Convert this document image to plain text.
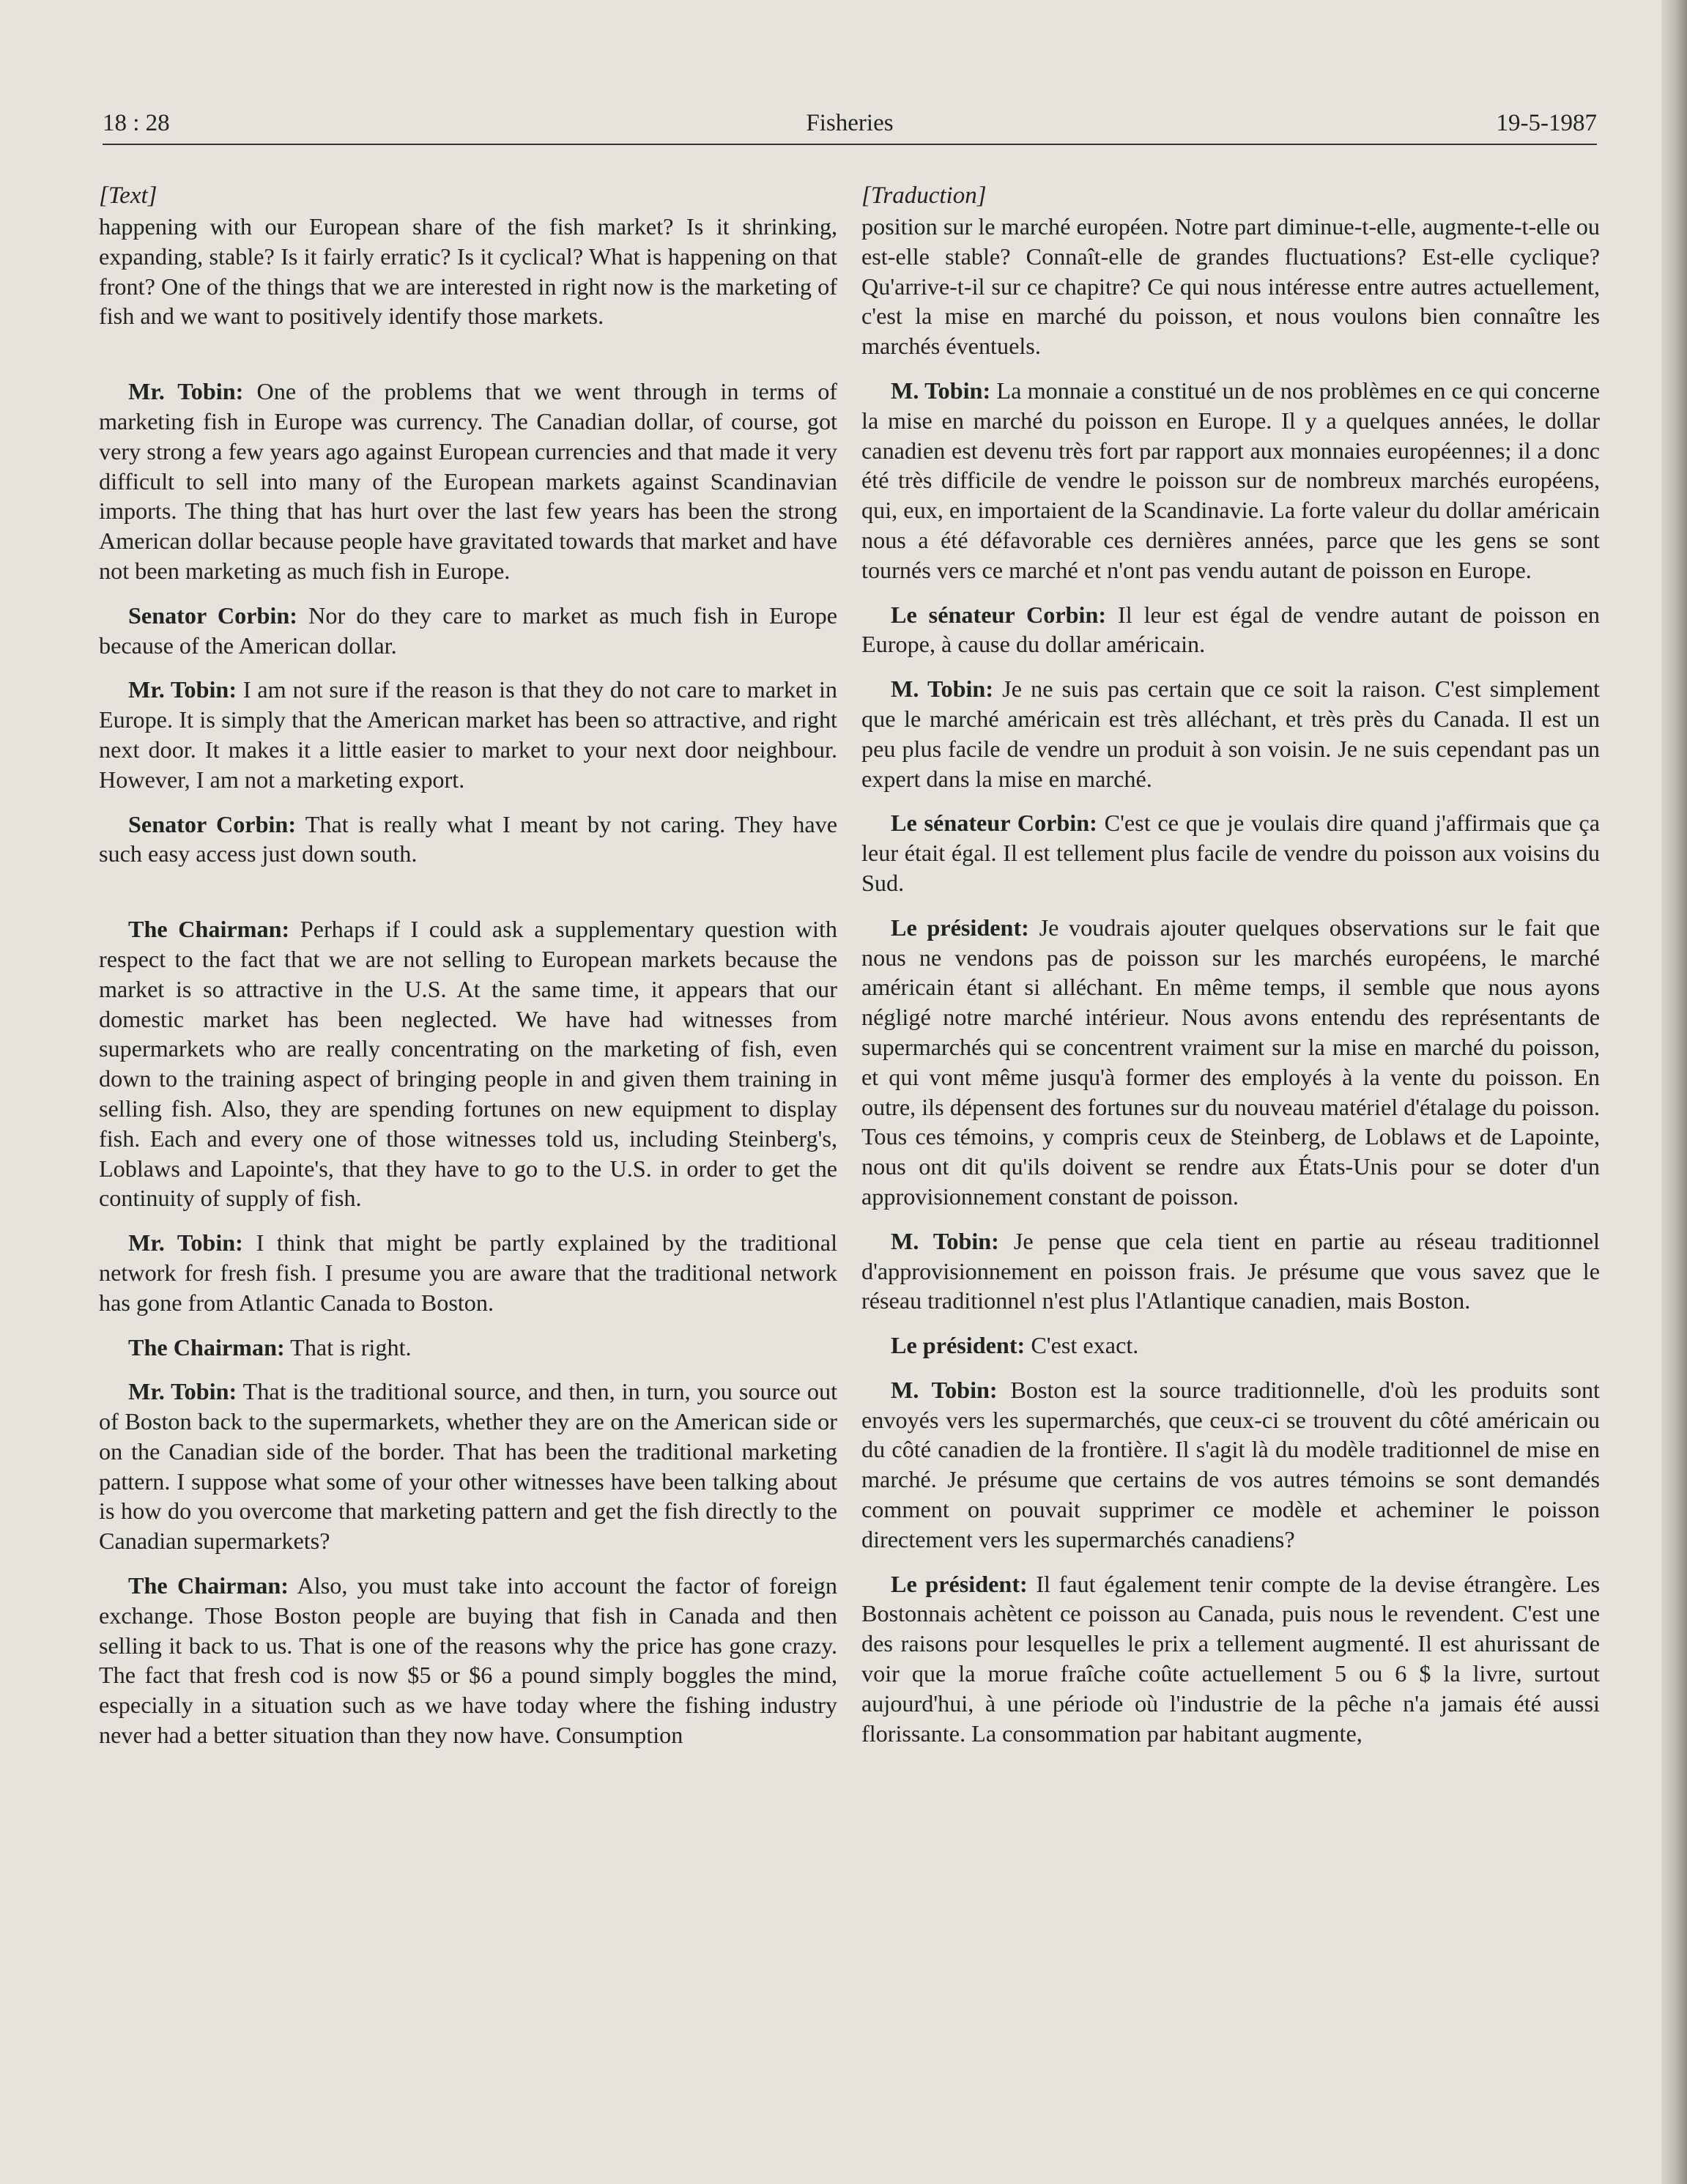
18 : 28	Fisheries	19-5-1987
[Text]

happening with our European share of the fish market? Is it shrinking, expanding, stable? Is it fairly erratic? Is it cyclical? What is happening on that front? One of the things that we are interested in right now is the marketing of fish and we want to positively identify those markets.

Mr. Tobin: One of the problems that we went through in terms of marketing fish in Europe was currency. The Canadian dollar, of course, got very strong a few years ago against European currencies and that made it very difficult to sell into many of the European markets against Scandinavian imports. The thing that has hurt over the last few years has been the strong American dollar because people have gravitated towards that market and have not been marketing as much fish in Europe.

Senator Corbin: Nor do they care to market as much fish in Europe because of the American dollar.

Mr. Tobin: I am not sure if the reason is that they do not care to market in Europe. It is simply that the American market has been so attractive, and right next door. It makes it a little easier to market to your next door neighbour. However, I am not a marketing export.

Senator Corbin: That is really what I meant by not caring. They have such easy access just down south.

The Chairman: Perhaps if I could ask a supplementary question with respect to the fact that we are not selling to European markets because the market is so attractive in the U.S. At the same time, it appears that our domestic market has been neglected. We have had witnesses from supermarkets who are really concentrating on the marketing of fish, even down to the training aspect of bringing people in and given them training in selling fish. Also, they are spending fortunes on new equipment to display fish. Each and every one of those witnesses told us, including Steinberg's, Loblaws and Lapointe's, that they have to go to the U.S. in order to get the continuity of supply of fish.

Mr. Tobin: I think that might be partly explained by the traditional network for fresh fish. I presume you are aware that the traditional network has gone from Atlantic Canada to Boston.

The Chairman: That is right.

Mr. Tobin: That is the traditional source, and then, in turn, you source out of Boston back to the supermarkets, whether they are on the American side or on the Canadian side of the border. That has been the traditional marketing pattern. I suppose what some of your other witnesses have been talking about is how do you overcome that marketing pattern and get the fish directly to the Canadian supermarkets?

The Chairman: Also, you must take into account the factor of foreign exchange. Those Boston people are buying that fish in Canada and then selling it back to us. That is one of the reasons why the price has gone crazy. The fact that fresh cod is now $5 or $6 a pound simply boggles the mind, especially in a situation such as we have today where the fishing industry never had a better situation than they now have. Consumption

[Traduction]

position sur le marché européen. Notre part diminue-t-elle, augmente-t-elle ou est-elle stable? Connaît-elle de grandes fluctuations? Est-elle cyclique? Qu'arrive-t-il sur ce chapitre? Ce qui nous intéresse entre autres actuellement, c'est la mise en marché du poisson, et nous voulons bien connaître les marchés éventuels.

M. Tobin: La monnaie a constitué un de nos problèmes en ce qui concerne la mise en marché du poisson en Europe. Il y a quelques années, le dollar canadien est devenu très fort par rapport aux monnaies européennes; il a donc été très difficile de vendre le poisson sur de nombreux marchés européens, qui, eux, en importaient de la Scandinavie. La forte valeur du dollar américain nous a été défavorable ces dernières années, parce que les gens se sont tournés vers ce marché et n'ont pas vendu autant de poisson en Europe.

Le sénateur Corbin: Il leur est égal de vendre autant de poisson en Europe, à cause du dollar américain.

M. Tobin: Je ne suis pas certain que ce soit la raison. C'est simplement que le marché américain est très alléchant, et très près du Canada. Il est un peu plus facile de vendre un produit à son voisin. Je ne suis cependant pas un expert dans la mise en marché.

Le sénateur Corbin: C'est ce que je voulais dire quand j'affirmais que ça leur était égal. Il est tellement plus facile de vendre du poisson aux voisins du Sud.

Le président: Je voudrais ajouter quelques observations sur le fait que nous ne vendons pas de poisson sur les marchés européens, le marché américain étant si alléchant. En même temps, il semble que nous ayons négligé notre marché intérieur. Nous avons entendu des représentants de supermarchés qui se concentrent vraiment sur la mise en marché du poisson, et qui vont même jusqu'à former des employés à la vente du poisson. En outre, ils dépensent des fortunes sur du nouveau matériel d'étalage du poisson. Tous ces témoins, y compris ceux de Steinberg, de Loblaws et de Lapointe, nous ont dit qu'ils doivent se rendre aux États-Unis pour se doter d'un approvisionnement constant de poisson.

M. Tobin: Je pense que cela tient en partie au réseau traditionnel d'approvisionnement en poisson frais. Je présume que vous savez que le réseau traditionnel n'est plus l'Atlantique canadien, mais Boston.

Le président: C'est exact.

M. Tobin: Boston est la source traditionnelle, d'où les produits sont envoyés vers les supermarchés, que ceux-ci se trouvent du côté américain ou du côté canadien de la frontière. Il s'agit là du modèle traditionnel de mise en marché. Je présume que certains de vos autres témoins se sont demandés comment on pouvait supprimer ce modèle et acheminer le poisson directement vers les supermarchés canadiens?

Le président: Il faut également tenir compte de la devise étrangère. Les Bostonnais achètent ce poisson au Canada, puis nous le revendent. C'est une des raisons pour lesquelles le prix a tellement augmenté. Il est ahurissant de voir que la morue fraîche coûte actuellement 5 ou 6 $ la livre, surtout aujourd'hui, à une période où l'industrie de la pêche n'a jamais été aussi florissante. La consommation par habitant augmente,
